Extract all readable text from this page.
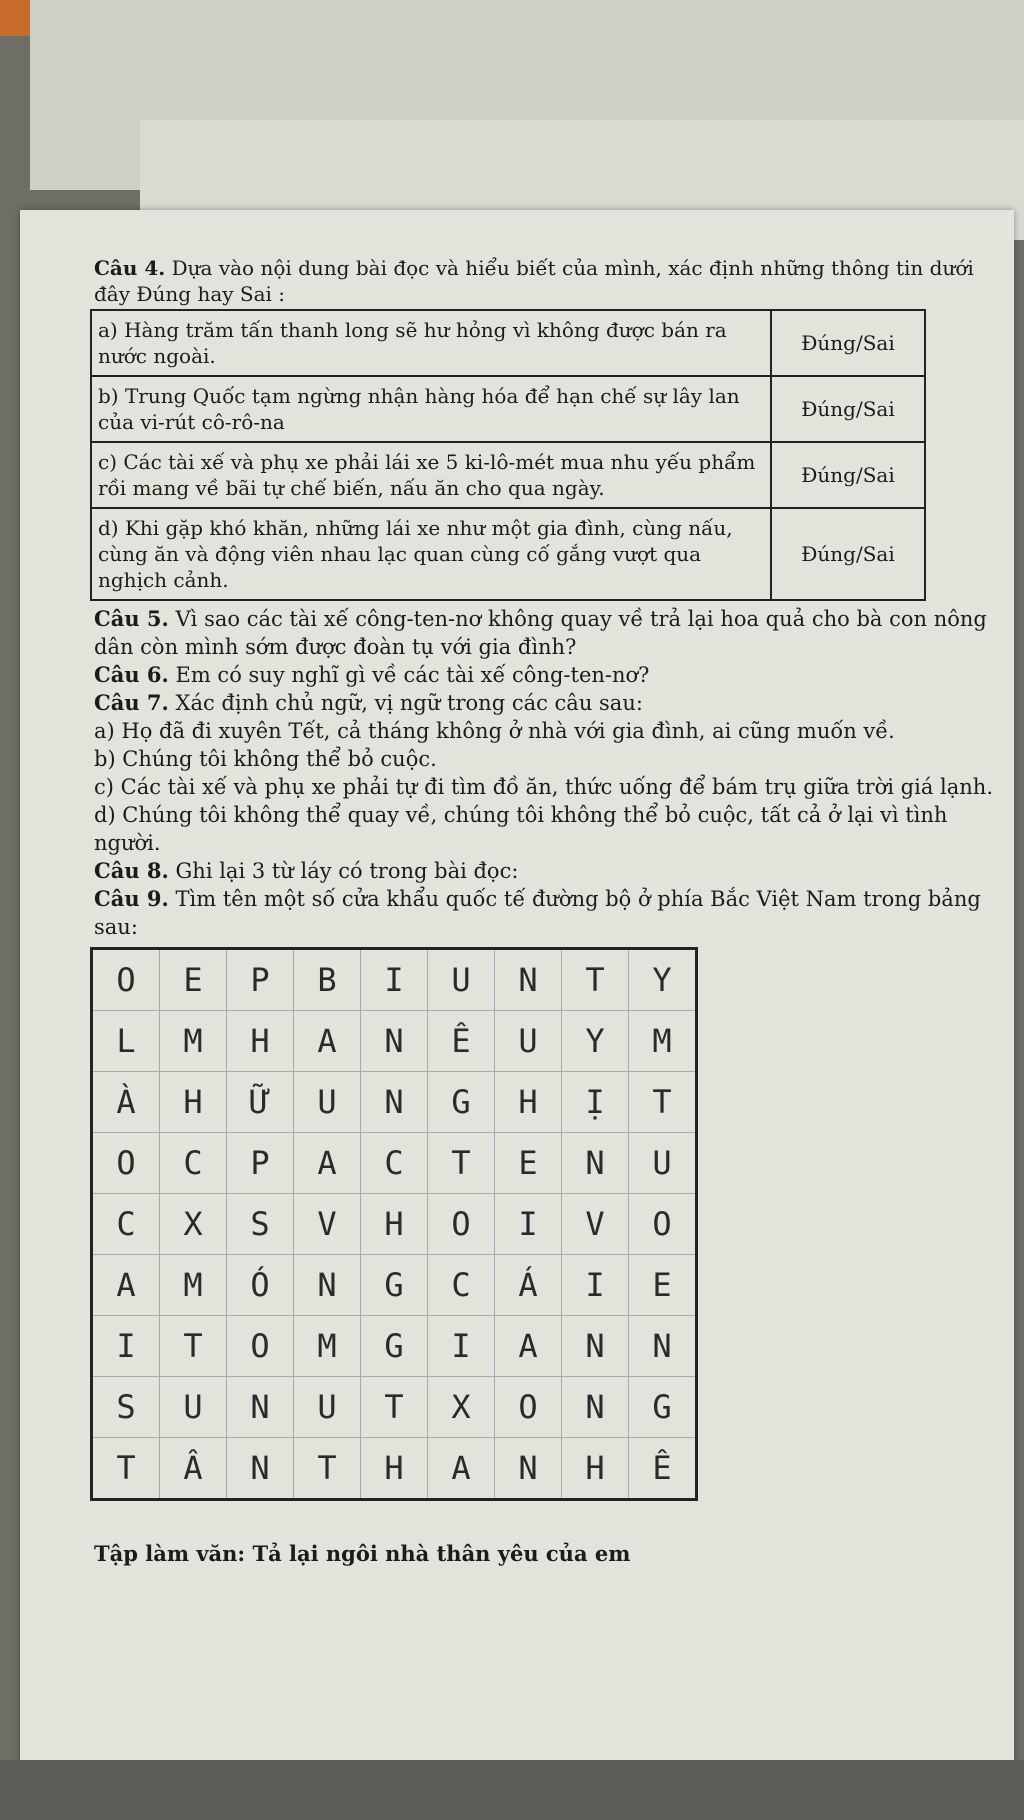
Câu 4. Dựa vào nội dung bài đọc và hiểu biết của mình, xác định những thông tin dưới đây Đúng hay Sai :

a) Hàng trăm tấn thanh long sẽ hư hỏng vì không được bán ra nước ngoài.	Đúng/Sai
b) Trung Quốc tạm ngừng nhận hàng hóa để hạn chế sự lây lan của vi-rút cô-rô-na	Đúng/Sai
c) Các tài xế và phụ xe phải lái xe 5 ki-lô-mét mua nhu yếu phẩm rồi mang về bãi tự chế biến, nấu ăn cho qua ngày.	Đúng/Sai
d) Khi gặp khó khăn, những lái xe như một gia đình, cùng nấu, cùng ăn và động viên nhau lạc quan cùng cố gắng vượt qua nghịch cảnh.	Đúng/Sai

Câu 5. Vì sao các tài xế công-ten-nơ không quay về trả lại hoa quả cho bà con nông dân còn mình sớm được đoàn tụ với gia đình?

Câu 6. Em có suy nghĩ gì về các tài xế công-ten-nơ?

Câu 7. Xác định chủ ngữ, vị ngữ trong các câu sau:

a) Họ đã đi xuyên Tết, cả tháng không ở nhà với gia đình, ai cũng muốn về.

b) Chúng tôi không thể bỏ cuộc.

c) Các tài xế và phụ xe phải tự đi tìm đồ ăn, thức uống để bám trụ giữa trời giá lạnh.

d) Chúng tôi không thể quay về, chúng tôi không thể bỏ cuộc, tất cả ở lại vì tình người.

Câu 8. Ghi lại 3 từ láy có trong bài đọc:

Câu 9. Tìm tên một số cửa khẩu quốc tế đường bộ ở phía Bắc Việt Nam trong bảng sau:

O	E	P	B	I	U	N	T	Y
L	M	H	A	N	Ê	U	Y	M
À	H	Ữ	U	N	G	H	Ị	T
O	C	P	A	C	T	E	N	U
C	X	S	V	H	O	I	V	O
A	M	Ó	N	G	C	Á	I	E
I	T	O	M	G	I	A	N	N
S	U	N	U	T	X	O	N	G
T	Â	N	T	H	A	N	H	Ê

Tập làm văn: Tả lại ngôi nhà thân yêu của em
